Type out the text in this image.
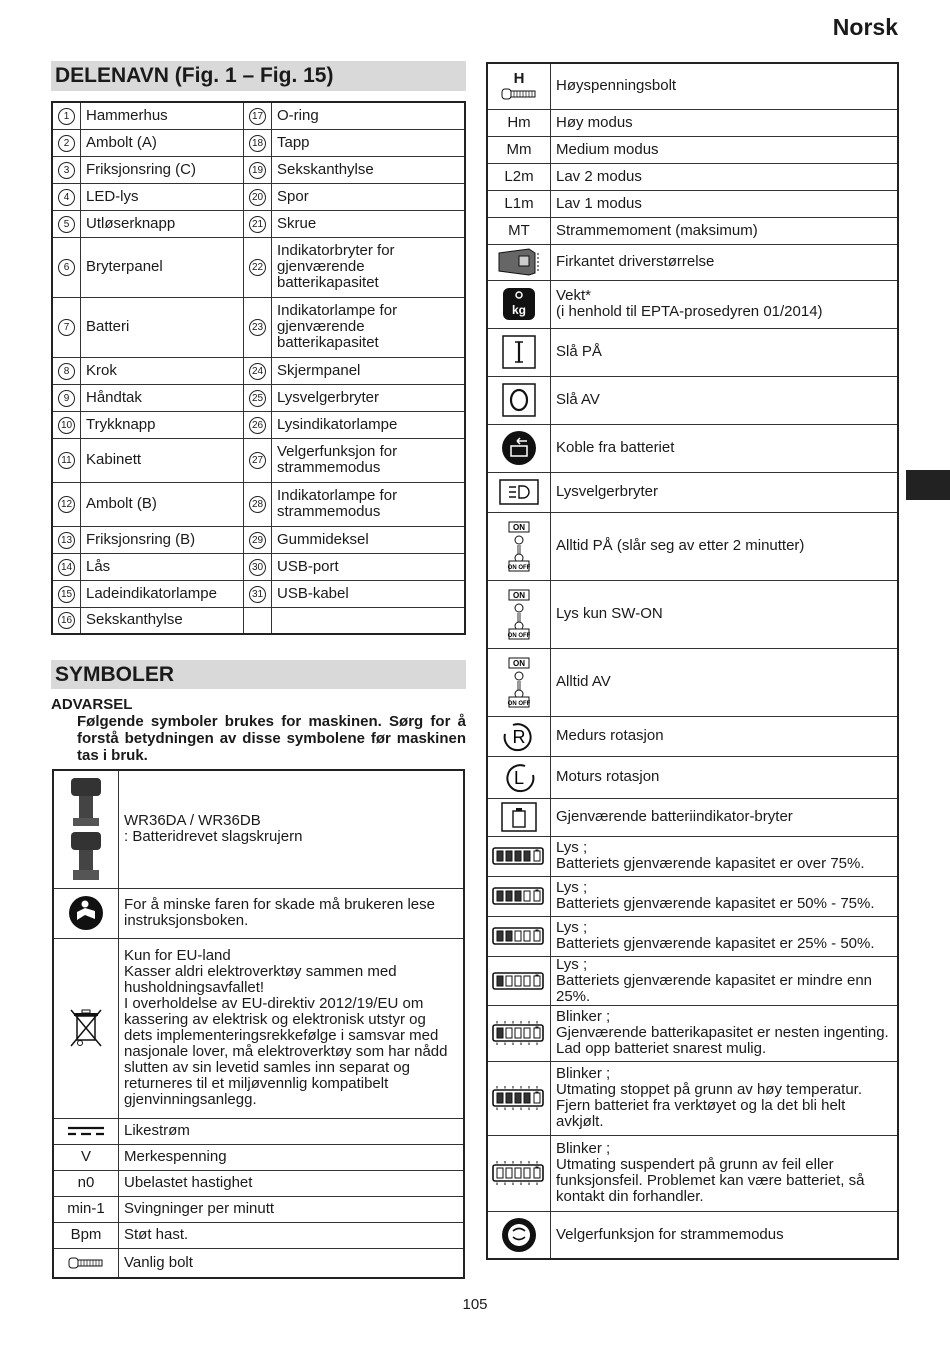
Norsk
DELENAVN (Fig. 1 – Fig. 15)
1	Hammerhus	17	O-ring
2	Ambolt (A)	18	Tapp
3	Friksjonsring (C)	19	Sekskanthylse
4	LED-lys	20	Spor
5	Utløserknapp	21	Skrue
6	Bryterpanel	22	Indikatorbryter for gjenværende batterikapasitet
7	Batteri	23	Indikatorlampe for gjenværende batterikapasitet
8	Krok	24	Skjermpanel
9	Håndtak	25	Lysvelgerbryter
10	Trykknapp	26	Lysindikatorlampe
11	Kabinett	27	Velgerfunksjon for strammemodus
12	Ambolt (B)	28	Indikatorlampe for strammemodus
13	Friksjonsring (B)	29	Gummideksel
14	Lås	30	USB-port
15	Ladeindikatorlampe	31	USB-kabel
16	Sekskanthylse		
SYMBOLER
ADVARSEL
Følgende symboler brukes for maskinen. Sørg for å forstå betydningen av disse symbolene før maskinen tas i bruk.
	WR36DA / WR36DB
: Batteridrevet slagskrujern

	For å minske faren for skade må brukeren lese instruksjonsboken.

	Kun for EU-land
Kasser aldri elektroverktøy sammen med husholdningsavfallet!
I overholdelse av EU-direktiv 2012/19/EU om kassering av elektrisk og elektronisk utstyr og dets implementeringsrekkefølge i samsvar med nasjonale lover, må elektroverktøy som har nådd slutten av sin levetid samles inn separat og returneres til et miljøvennlig kompatibelt gjenvinningsanlegg.

	Likestrøm

V	Merkespenning

n0	Ubelastet hastighet

min-1	Svingninger per minutt

Bpm	Støt hast.

	Vanlig bolt
H	Høyspenningsbolt

Hm	Høy modus

Mm	Medium modus

L2m	Lav 2 modus

L1m	Lav 1 modus

MT	Strammemoment (maksimum)

	Firkantet driverstørrelse

kg	Vekt*
(i henhold til EPTA-prosedyren 01/2014)

	Slå PÅ

	Slå AV

	Koble fra batteriet

	Lysvelgerbryter

ON
ON OFF	Alltid PÅ (slår seg av etter 2 minutter)

ON
ON OFF	Lys kun SW-ON

ON
ON OFF	Alltid AV

R	Medurs rotasjon

L	Moturs rotasjon

	Gjenværende batteriindikator-bryter

	Lys ;
Batteriets gjenværende kapasitet er over 75%.

	Lys ;
Batteriets gjenværende kapasitet er 50% - 75%.

	Lys ;
Batteriets gjenværende kapasitet er 25% - 50%.

	Lys ;
Batteriets gjenværende kapasitet er mindre enn 25%.

	Blinker ;
Gjenværende batterikapasitet er nesten ingenting. Lad opp batteriet snarest mulig.

	Blinker ;
Utmating stoppet på grunn av høy temperatur. Fjern batteriet fra verktøyet og la det bli helt avkjølt.

	Blinker ;
Utmating suspendert på grunn av feil eller funksjonsfeil. Problemet kan være batteriet, så kontakt din forhandler.

	Velgerfunksjon for strammemodus
105
